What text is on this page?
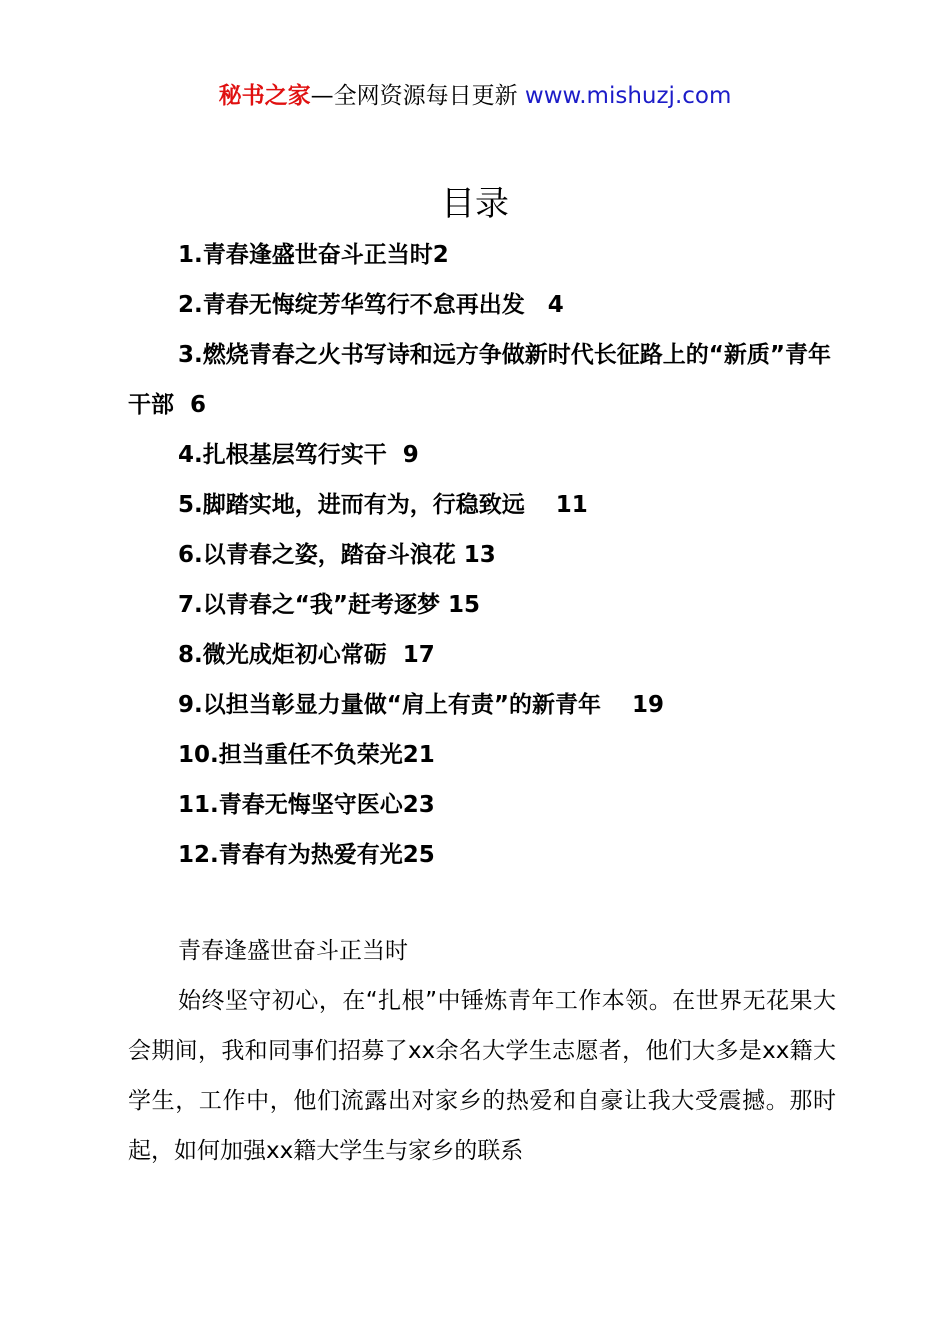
秘书之家—全网资源每日更新 www.mishuzj.com
目录

1.青春逢盛世奋斗正当时2

2.青春无悔绽芳华笃行不怠再出发　4

3.燃烧青春之火书写诗和远方争做新时代长征路上的“新质”青年干部  6

4.扎根基层笃行实干  9

5.脚踏实地，进而有为，行稳致远　 11

6.以青春之姿，踏奋斗浪花 13

7.以青春之“我”赶考逐梦 15

8.微光成炬初心常砺  17

9.以担当彰显力量做“肩上有责”的新青年　 19

10.担当重任不负荣光21

11.青春无悔坚守医心23

12.青春有为热爱有光25

青春逢盛世奋斗正当时

始终坚守初心，在“扎根”中锤炼青年工作本领。在世界无花果大会期间，我和同事们招募了xx余名大学生志愿者，他们大多是xx籍大学生，工作中，他们流露出对家乡的热爱和自豪让我大受震撼。那时起，如何加强xx籍大学生与家乡的联系
